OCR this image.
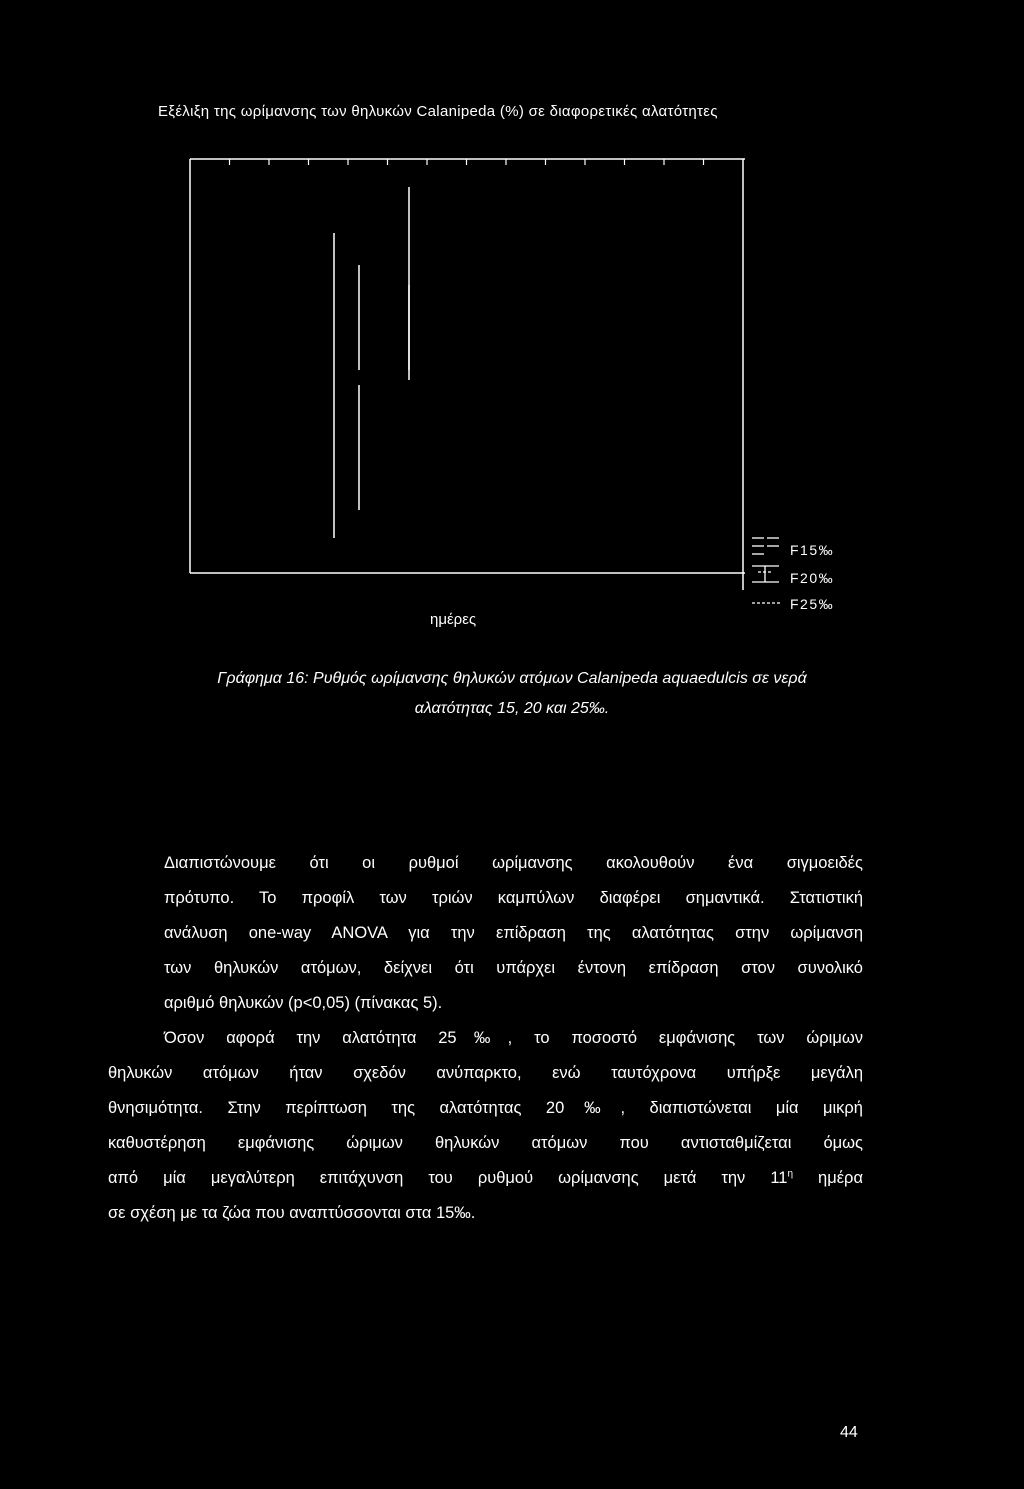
Εξέλιξη της ωρίμανσης των θηλυκών Calanipeda (%) σε διαφορετικές αλατότητες
F15‰
F20‰
F25‰
ημέρες
Γράφημα 16: Ρυθμός ωρίμανσης θηλυκών ατόμων Calanipeda aquaedulcis σε νερά
αλατότητας 15, 20 και 25‰.

Διαπιστώνουμε ότι οι ρυθμοί ωρίμανσης ακολουθούν ένα σιγμοειδές
πρότυπο. Το προφίλ των τριών καμπύλων διαφέρει σημαντικά. Στατιστική
ανάλυση one-way ANOVA για την επίδραση της αλατότητας στην ωρίμανση
των θηλυκών ατόμων, δείχνει ότι υπάρχει έντονη επίδραση στον συνολικό
αριθμό θηλυκών (p<0,05) (πίνακας 5).

Όσον αφορά την αλατότητα 25‰, το ποσοστό εμφάνισης των ώριμων
θηλυκών ατόμων ήταν σχεδόν ανύπαρκτο, ενώ ταυτόχρονα υπήρξε μεγάλη
θνησιμότητα. Στην περίπτωση της αλατότητας 20‰, διαπιστώνεται μία μικρή
καθυστέρηση εμφάνισης ώριμων θηλυκών ατόμων που αντισταθμίζεται όμως
από μία μεγαλύτερη επιτάχυνση του ρυθμού ωρίμανσης μετά την $11^\eta$ ημέρα
σε σχέση με τα ζώα που αναπτύσσονται στα 15‰.

44
